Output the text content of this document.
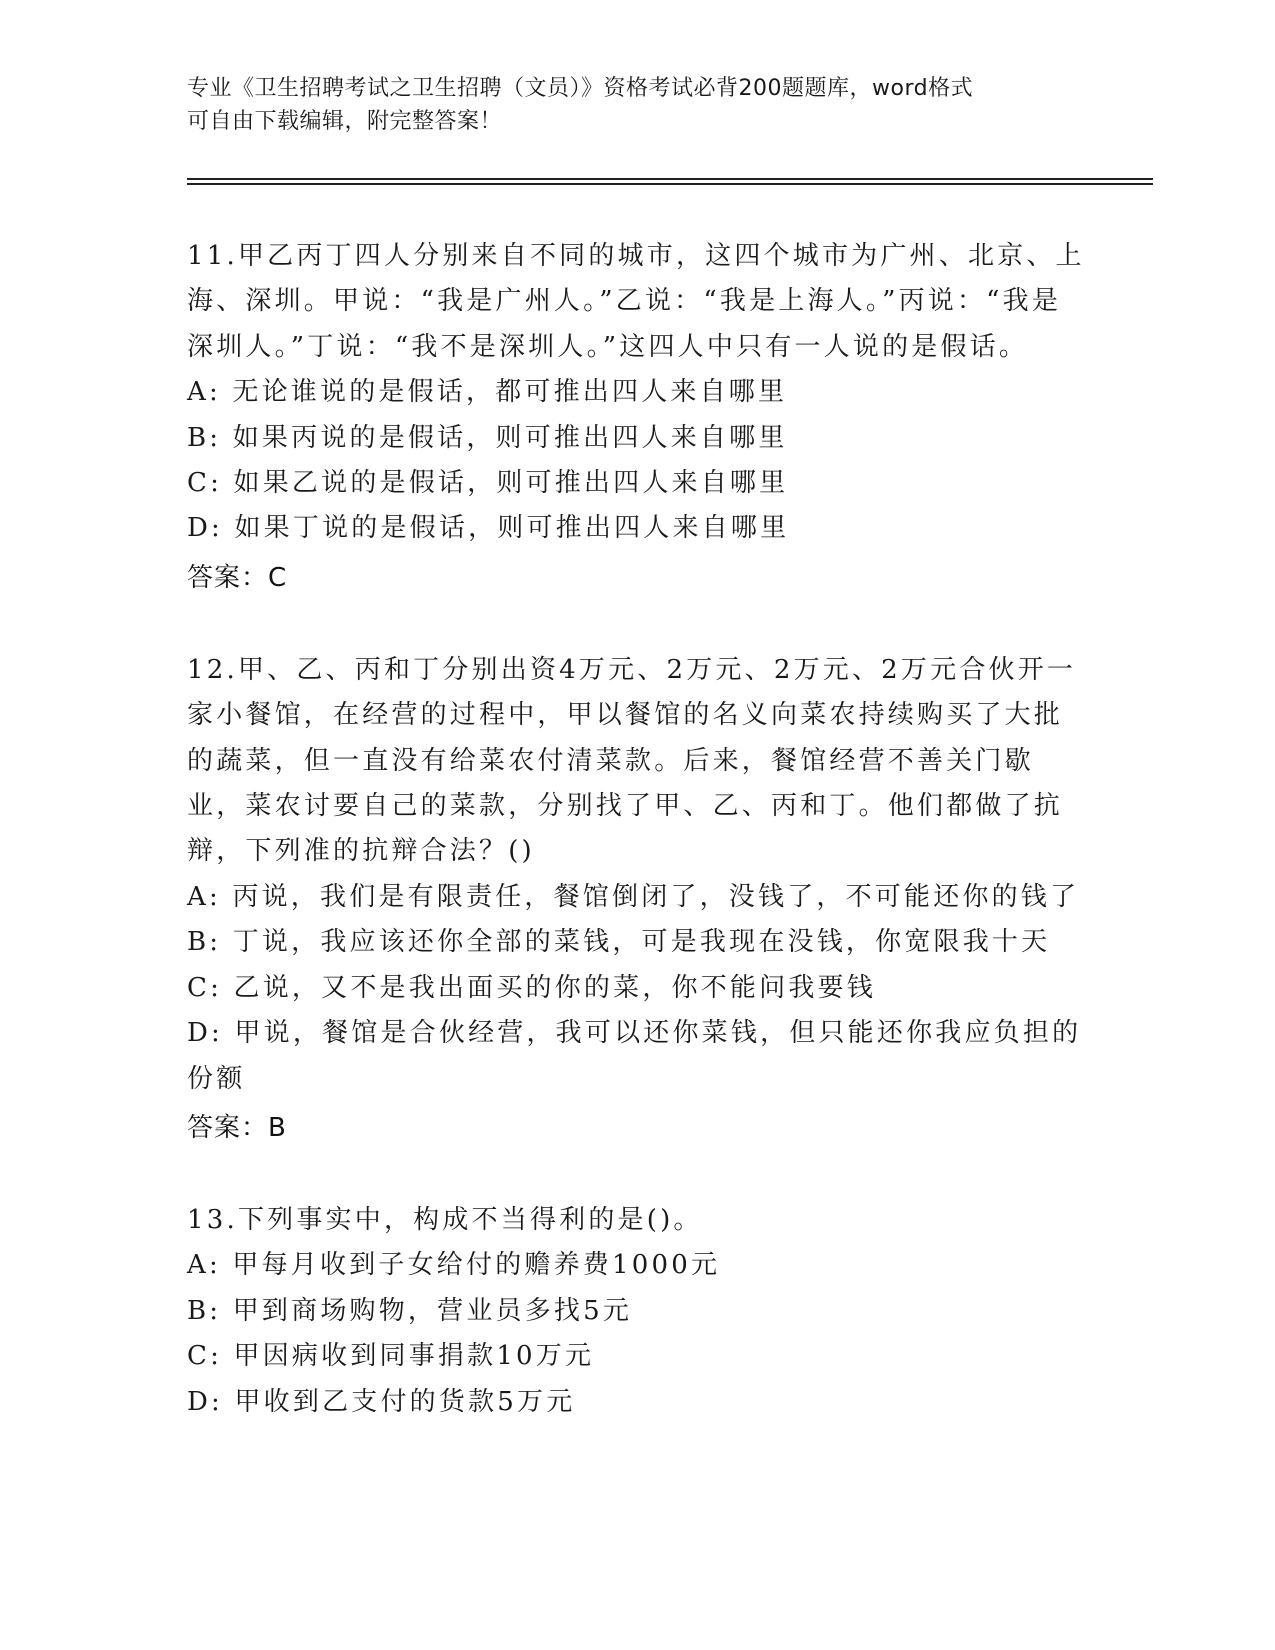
专业《卫生招聘考试之卫生招聘（文员）》资格考试必背200题题库，word格式
可自由下载编辑，附完整答案！
11.甲乙丙丁四人分别来自不同的城市，这四个城市为广州、北京、上海、深圳。甲说：“我是广州人。”乙说：“我是上海人。”丙说：“我是深圳人。”丁说：“我不是深圳人。”这四人中只有一人说的是假话。
A: 无论谁说的是假话，都可推出四人来自哪里
B: 如果丙说的是假话，则可推出四人来自哪里
C: 如果乙说的是假话，则可推出四人来自哪里
D: 如果丁说的是假话，则可推出四人来自哪里
答案：C
12.甲、乙、丙和丁分别出资4万元、2万元、2万元、2万元合伙开一家小餐馆，在经营的过程中，甲以餐馆的名义向菜农持续购买了大批的蔬菜，但一直没有给菜农付清菜款。后来，餐馆经营不善关门歇业，菜农讨要自己的菜款，分别找了甲、乙、丙和丁。他们都做了抗辩，下列准的抗辩合法？()
A: 丙说，我们是有限责任，餐馆倒闭了，没钱了，不可能还你的钱了
B: 丁说，我应该还你全部的菜钱，可是我现在没钱，你宽限我十天
C: 乙说，又不是我出面买的你的菜，你不能问我要钱
D: 甲说，餐馆是合伙经营，我可以还你菜钱，但只能还你我应负担的份额
答案：B
13.下列事实中，构成不当得利的是()。
A: 甲每月收到子女给付的赡养费1000元
B: 甲到商场购物，营业员多找5元
C: 甲因病收到同事捐款10万元
D: 甲收到乙支付的货款5万元
